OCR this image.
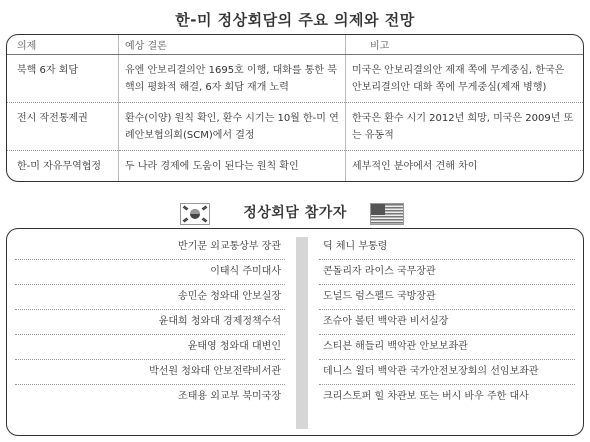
한-미 정상회담의 주요 의제와 전망
의제	예상 결론	비고
북핵 6자 회담	유엔 안보리결의안 1695호 이행, 대화를 통한 북핵의 평화적 해결, 6자 회담 재개 노력	미국은 안보리결의안 제재 쪽에 무게중심, 한국은 안보리결의안 대화 쪽에 무게중심(제재 병행)
전시 작전통제권	환수(이양) 원칙 확인, 환수 시기는 10월 한-미 연례안보협의회(SCM)에서 결정	한국은 환수 시기 2012년 희망, 미국은 2009년 또는 유동적
한-미 자유무역협정	두 나라 경제에 도움이 된다는 원칙 확인	세부적인 분야에서 견해 차이
정상회담 참가자
반기문 외교통상부 장관
이태식 주미대사
송민순 청와대 안보실장
윤대희 청와대 경제정책수석
윤태영 청와대 대변인
박선원 청와대 안보전략비서관
조태용 외교부 북미국장
딕 체니 부통령
콘돌리자 라이스 국무장관
도널드 럼스펠드 국방장관
조슈아 볼턴 백악관 비서실장
스티븐 해들리 백악관 안보보좌관
데니스 윌더 백악관 국가안전보장회의 선임보좌관
크리스토퍼 힐 차관보 또는 버시 바우 주한 대사
